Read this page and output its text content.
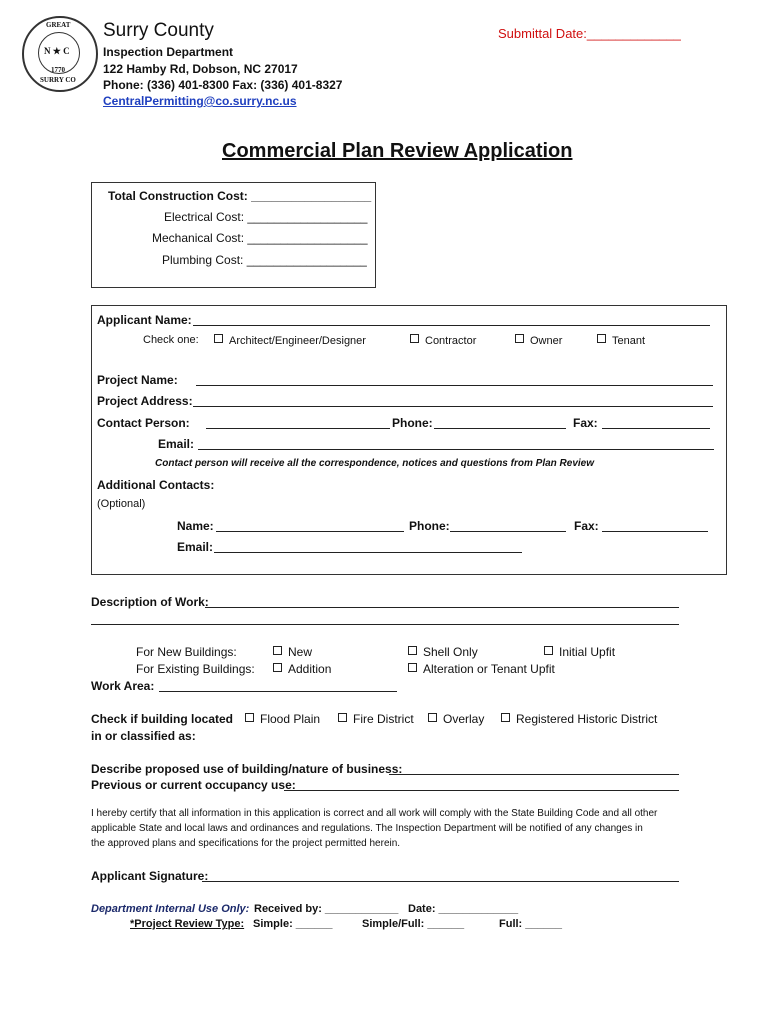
GREAT
N ★ C
1770
SURRY CO
Surry County
Inspection Department
122 Hamby Rd, Dobson, NC 27017
Phone: (336) 401-8300 Fax: (336) 401-8327
CentralPermitting@co.surry.nc.us
Submittal Date:_____________
Commercial Plan Review Application
Total Construction Cost: __________________
Electrical Cost: __________________
Mechanical Cost: __________________
Plumbing Cost: __________________
Applicant Name:
Check one:	Architect/Engineer/Designer	Contractor	Owner	Tenant
Project Name:
Project Address:
Contact Person:	Phone:	Fax:
Email:
Contact person will receive all the correspondence, notices and questions from Plan Review
Additional Contacts:
(Optional)
Name:	Phone:	Fax:
Email:
Description of Work:
For New Buildings:	New	Shell Only	Initial Upfit
For Existing Buildings:	Addition	Alteration or Tenant Upfit
Work Area:
Check if building located
in or classified as:
Flood Plain	Fire District	Overlay	Registered Historic District
Describe proposed use of building/nature of business:
Previous or current occupancy use:
I hereby certify that all information in this application is correct and all work will comply with the State Building Code and all other
applicable State and local laws and ordinances and regulations. The Inspection Department will be notified of any changes in
the approved plans and specifications for the project permitted herein.
Applicant Signature:
Department Internal Use Only: Received by: ____________ Date: _____________
*Project Review Type: Simple: ______	Simple/Full: ______	Full: ______
